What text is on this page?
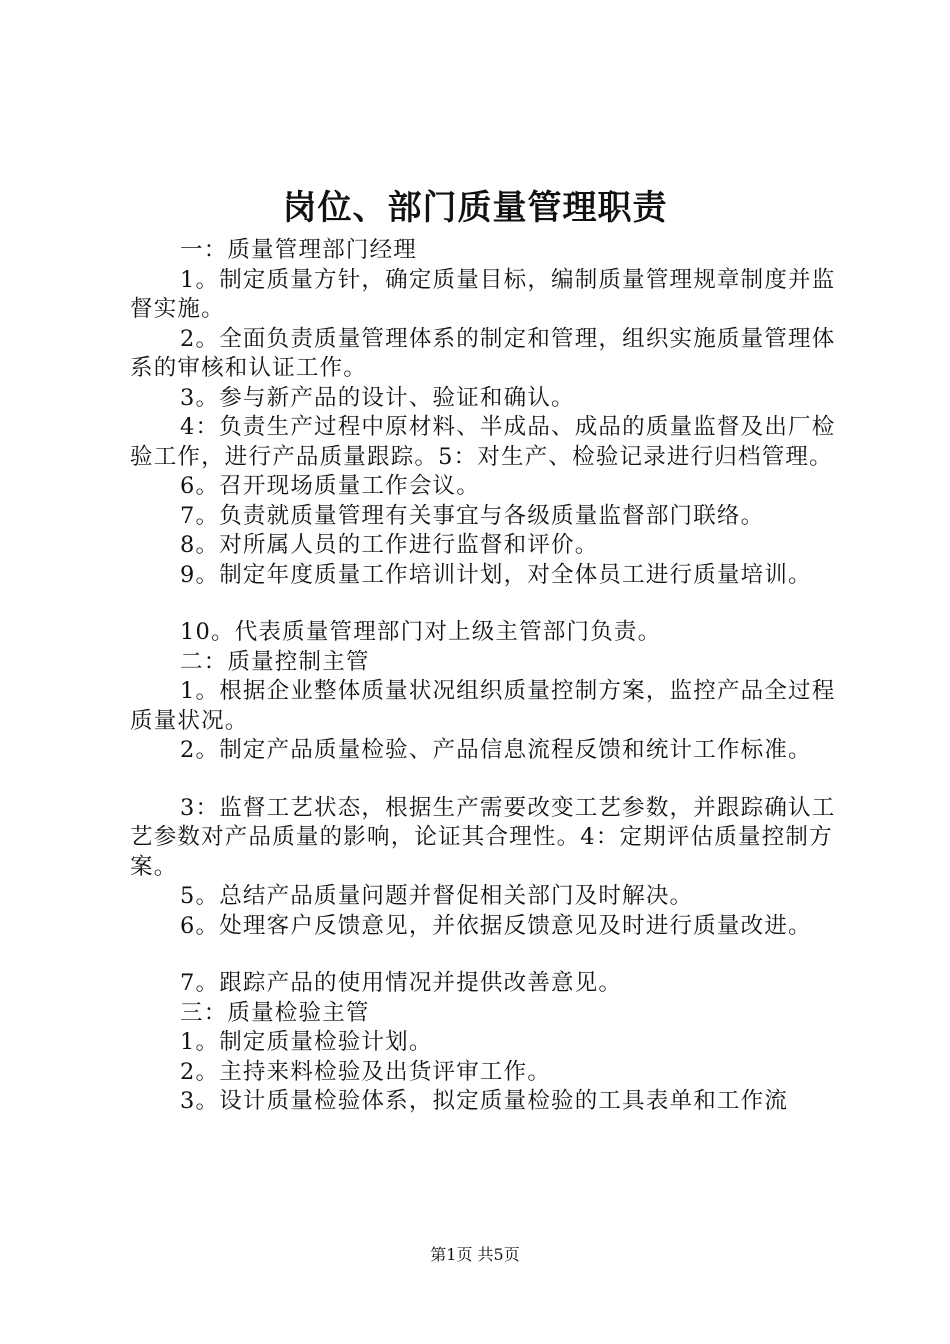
岗位、部门质量管理职责

一：质量管理部门经理

1。制定质量方针，确定质量目标，编制质量管理规章制度并监督实施。

2。全面负责质量管理体系的制定和管理，组织实施质量管理体系的审核和认证工作。

3。参与新产品的设计、验证和确认。

4：负责生产过程中原材料、半成品、成品的质量监督及出厂检验工作，进行产品质量跟踪。5：对生产、检验记录进行归档管理。

6。召开现场质量工作会议。

7。负责就质量管理有关事宜与各级质量监督部门联络。

8。对所属人员的工作进行监督和评价。

9。制定年度质量工作培训计划，对全体员工进行质量培训。

10。代表质量管理部门对上级主管部门负责。

二：质量控制主管

1。根据企业整体质量状况组织质量控制方案，监控产品全过程质量状况。

2。制定产品质量检验、产品信息流程反馈和统计工作标准。

3：监督工艺状态，根据生产需要改变工艺参数，并跟踪确认工艺参数对产品质量的影响，论证其合理性。4：定期评估质量控制方案。

5。总结产品质量问题并督促相关部门及时解决。

6。处理客户反馈意见，并依据反馈意见及时进行质量改进。

7。跟踪产品的使用情况并提供改善意见。

三：质量检验主管

1。制定质量检验计划。

2。主持来料检验及出货评审工作。

3。设计质量检验体系，拟定质量检验的工具表单和工作流

第1页 共5页
